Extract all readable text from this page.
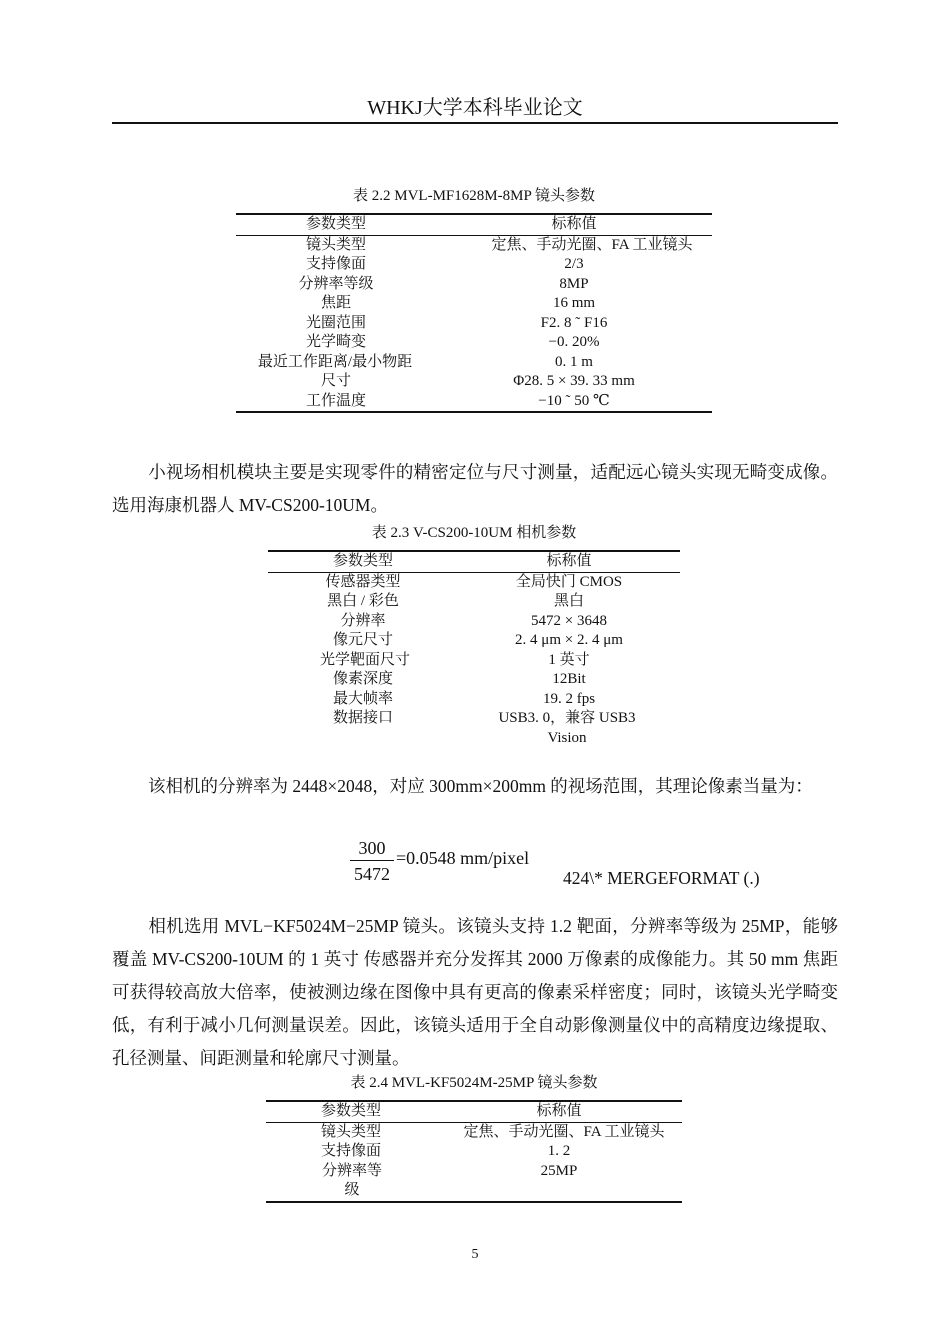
WHKJ大学本科毕业论文
表 2.2 MVL-MF1628M-8MP 镜头参数
参数类型	标称值
镜头类型	定焦、手动光圈、FA 工业镜头
支持像面	2/3
分辨率等级	8MP
焦距	16 mm
光圈范围	F2. 8 ˜ F16
光学畸变	−0. 20%
最近工作距离/最小物距	0. 1 m
尺寸	Φ28. 5 × 39. 33 mm
工作温度	−10 ˜ 50 ℃
小视场相机模块主要是实现零件的精密定位与尺寸测量，适配远心镜头实现无畸变成像。选用海康机器人 MV-CS200-10UM。
表 2.3 V-CS200-10UM 相机参数
参数类型	标称值
传感器类型	全局快门 CMOS
黑白 / 彩色	黑白
分辨率	5472 × 3648
像元尺寸	2. 4 μm × 2. 4 μm
光学靶面尺寸	1 英寸
像素深度	12Bit
最大帧率	19. 2 fps
数据接口	USB3. 0，兼容 USB3 Vision
该相机的分辨率为 2448×2048，对应 300mm×200mm 的视场范围，其理论像素当量为：
300
5472
=0.0548 mm/pixel
424\* MERGEFORMAT (.)
相机选用 MVL−KF5024M−25MP 镜头。该镜头支持 1.2 靶面，分辨率等级为 25MP，能够覆盖 MV-CS200-10UM 的 1 英寸 传感器并充分发挥其 2000 万像素的成像能力。其 50 mm 焦距可获得较高放大倍率，使被测边缘在图像中具有更高的像素采样密度；同时，该镜头光学畸变低，有利于减小几何测量误差。因此，该镜头适用于全自动影像测量仪中的高精度边缘提取、孔径测量、间距测量和轮廓尺寸测量。
表 2.4 MVL-KF5024M-25MP 镜头参数
参数类型	标称值
镜头类型	定焦、手动光圈、FA 工业镜头
支持像面	1. 2
分辨率等级	25MP
5
